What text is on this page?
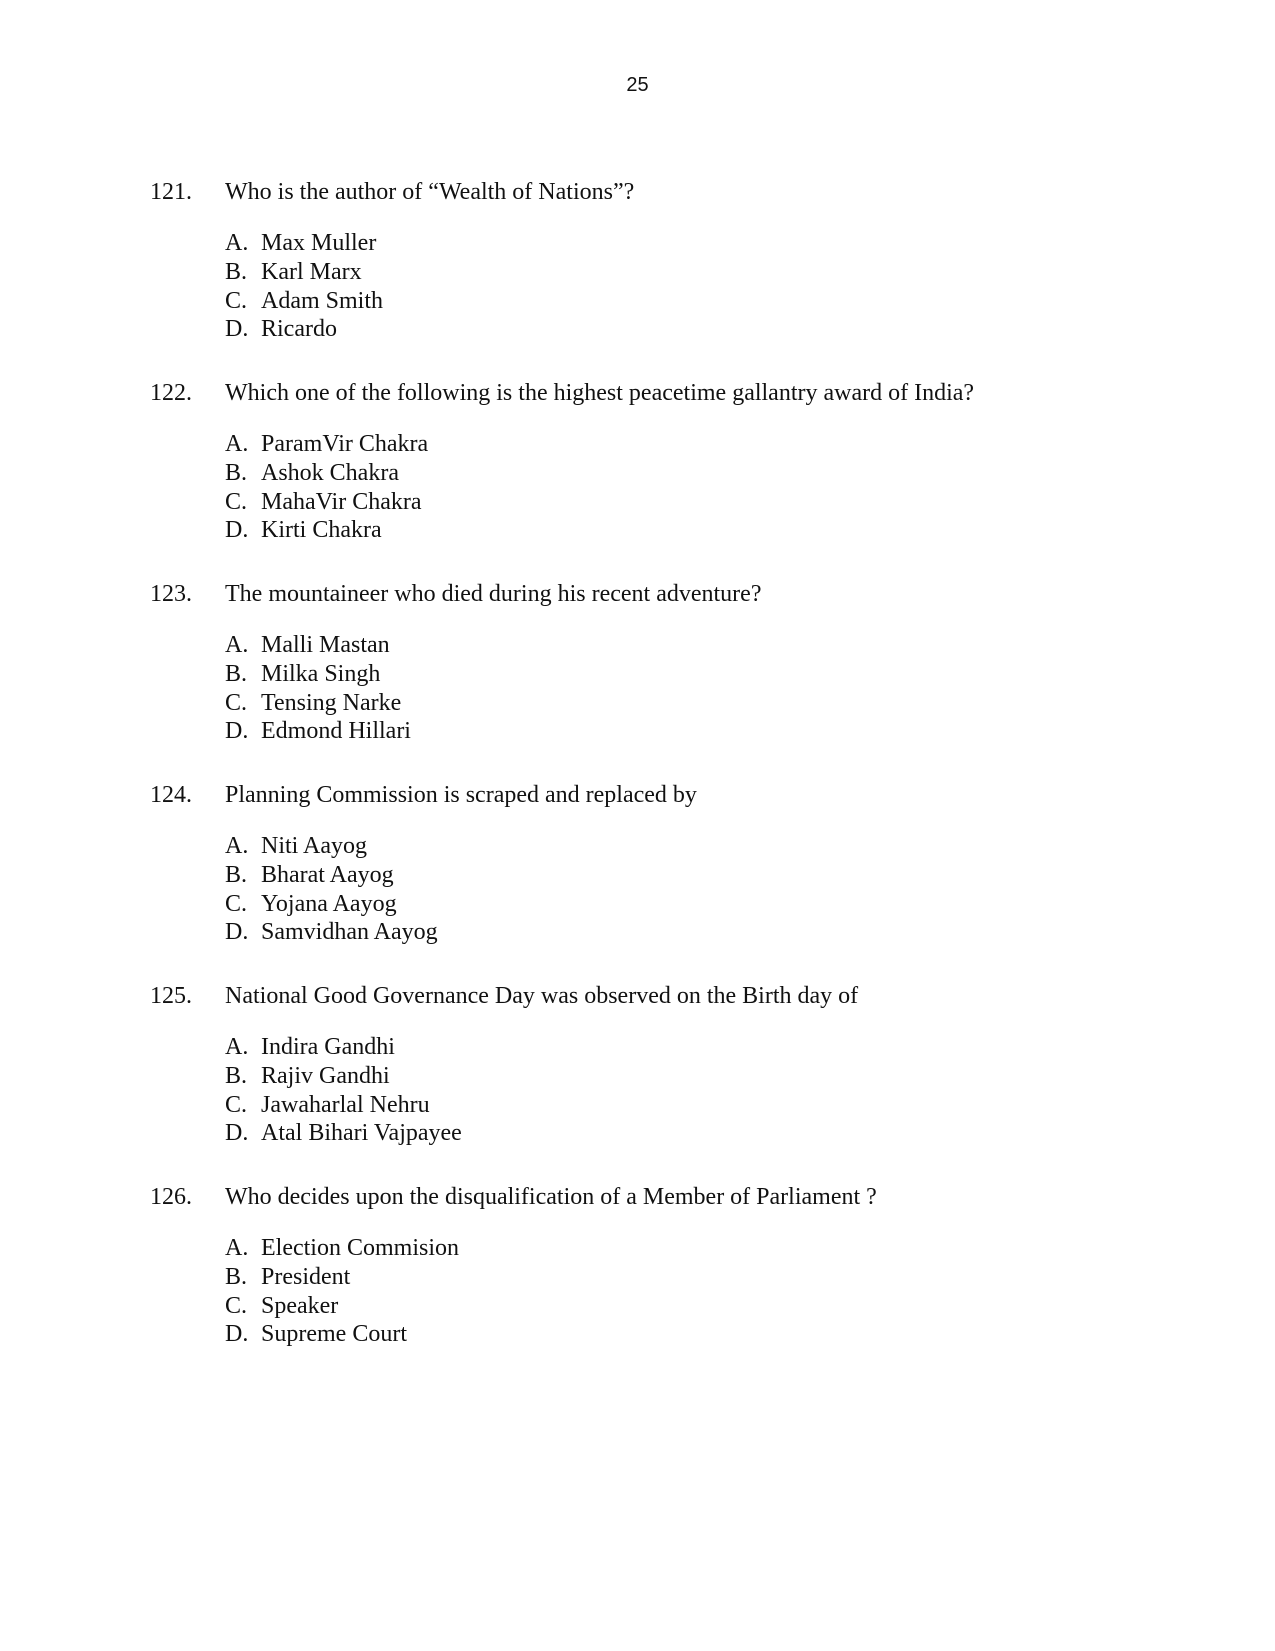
25
121.	Who is the author of “Wealth of Nations”?
A. Max Muller
B. Karl Marx
C. Adam Smith
D. Ricardo
122.	Which one of the following is the highest peacetime gallantry award of India?
A. ParamVir Chakra
B. Ashok Chakra
C. MahaVir Chakra
D. Kirti Chakra
123.	The mountaineer who died during his recent adventure?
A. Malli Mastan
B. Milka Singh
C. Tensing Narke
D. Edmond Hillari
124.	Planning Commission is scraped and replaced by
A. Niti Aayog
B. Bharat Aayog
C. Yojana Aayog
D. Samvidhan Aayog
125.	National Good Governance Day was observed on the Birth day of
A. Indira Gandhi
B. Rajiv Gandhi
C. Jawaharlal Nehru
D. Atal Bihari Vajpayee
126.	Who decides upon the disqualification of a Member of Parliament ?
A. Election Commision
B. President
C. Speaker
D. Supreme Court
